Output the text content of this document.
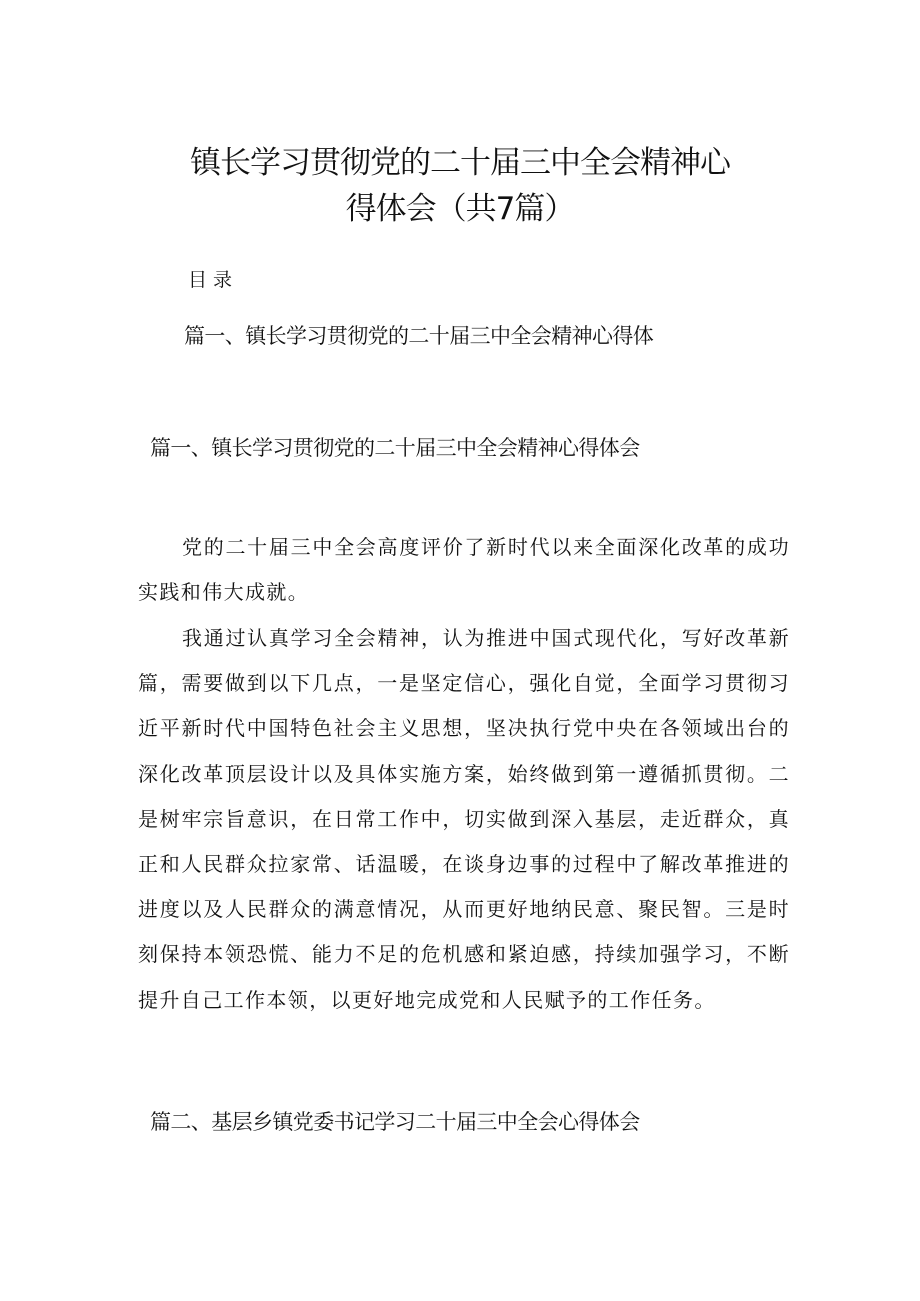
镇长学习贯彻党的二十届三中全会精神心
得体会（共7篇）
目录
篇一、镇长学习贯彻党的二十届三中全会精神心得体
篇一、镇长学习贯彻党的二十届三中全会精神心得体会

党的二十届三中全会高度评价了新时代以来全面深化改革的成功实践和伟大成就。

我通过认真学习全会精神，认为推进中国式现代化，写好改革新篇，需要做到以下几点，一是坚定信心，强化自觉，全面学习贯彻习近平新时代中国特色社会主义思想，坚决执行党中央在各领域出台的深化改革顶层设计以及具体实施方案，始终做到第一遵循抓贯彻。二是树牢宗旨意识，在日常工作中，切实做到深入基层，走近群众，真正和人民群众拉家常、话温暖，在谈身边事的过程中了解改革推进的进度以及人民群众的满意情况，从而更好地纳民意、聚民智。三是时刻保持本领恐慌、能力不足的危机感和紧迫感，持续加强学习，不断提升自己工作本领，以更好地完成党和人民赋予的工作任务。

篇二、基层乡镇党委书记学习二十届三中全会心得体会
